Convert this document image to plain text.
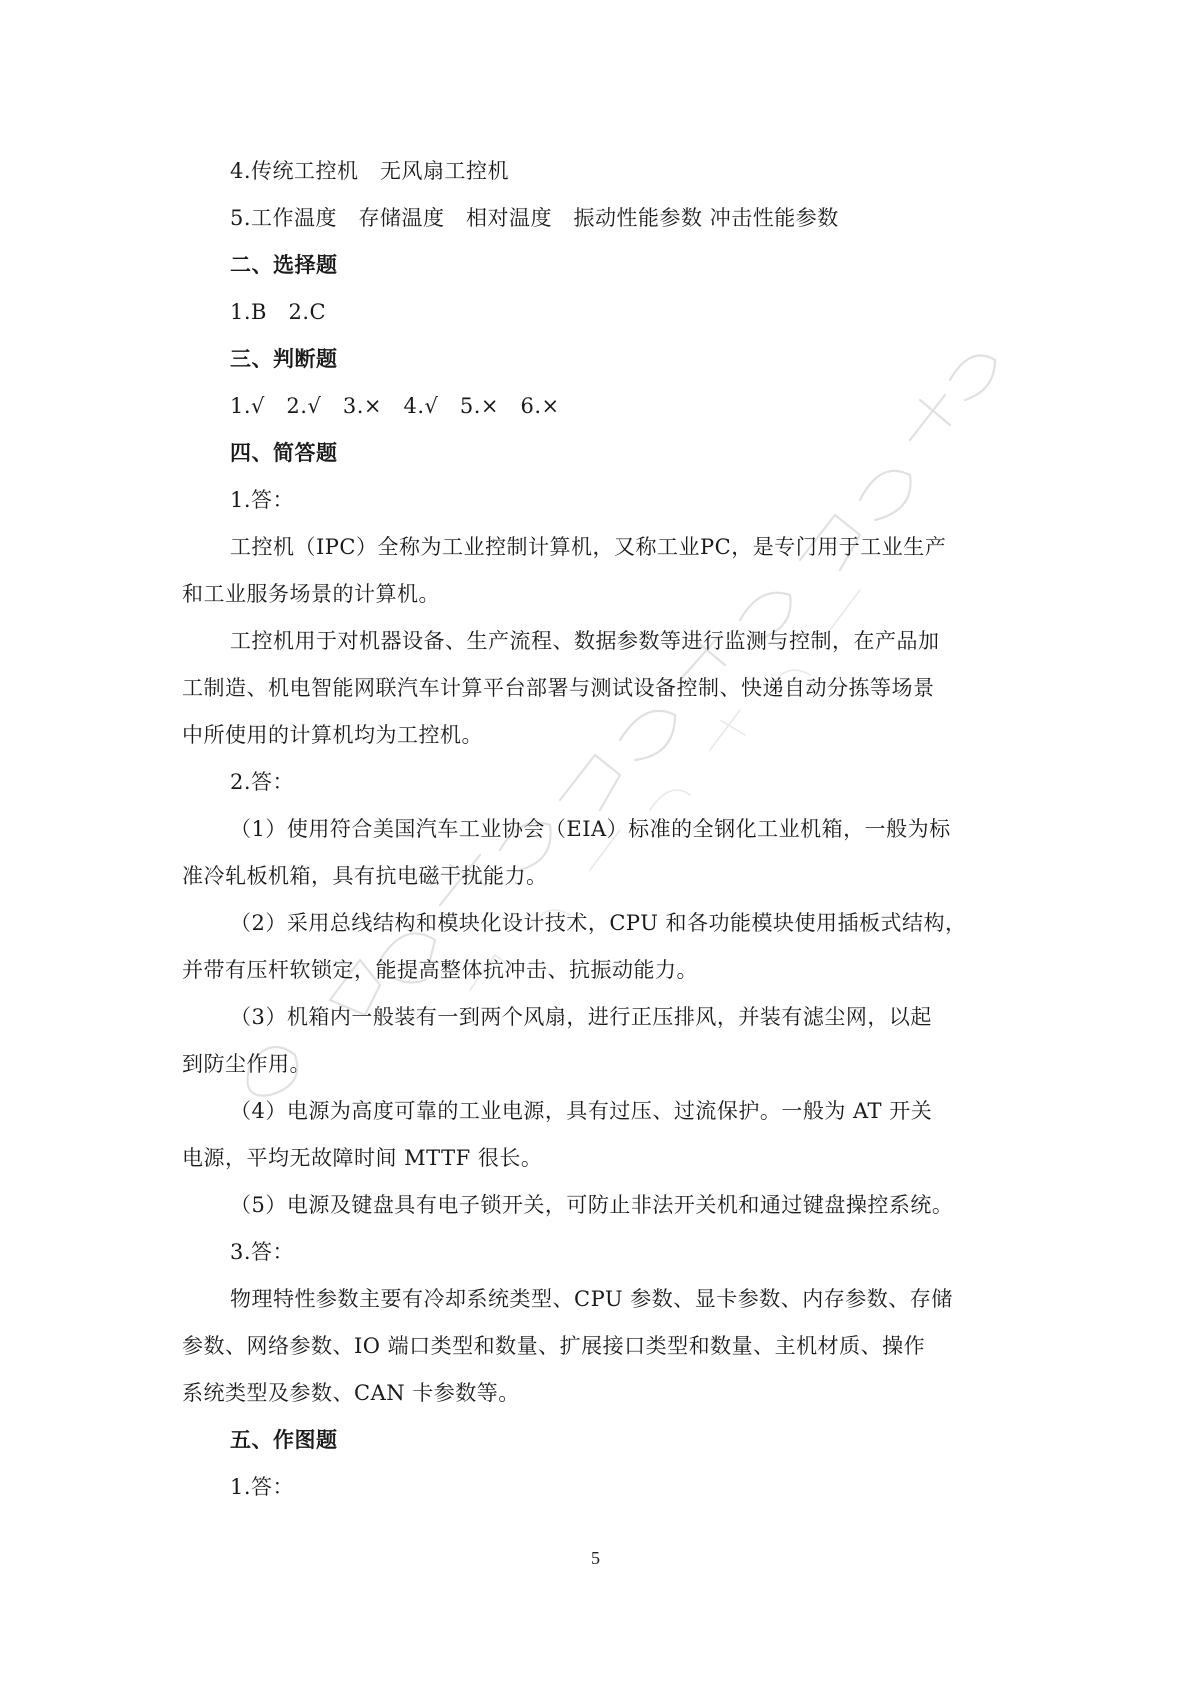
4.传统工控机　无风扇工控机
5.工作温度　存储温度　相对温度　振动性能参数 冲击性能参数
二、选择题
1.B　2.C
三、判断题
1.√　2.√　3.×　4.√　5.×　6.×
四、简答题
1.答：
工控机（IPC）全称为工业控制计算机，又称工业PC，是专门用于工业生产
和工业服务场景的计算机。
工控机用于对机器设备、生产流程、数据参数等进行监测与控制，在产品加
工制造、机电智能网联汽车计算平台部署与测试设备控制、快递自动分拣等场景
中所使用的计算机均为工控机。
2.答：
（1）使用符合美国汽车工业协会（EIA）标准的全钢化工业机箱，一般为标
准冷轧板机箱，具有抗电磁干扰能力。
（2）采用总线结构和模块化设计技术，CPU 和各功能模块使用插板式结构，
并带有压杆软锁定，能提高整体抗冲击、抗振动能力。
（3）机箱内一般装有一到两个风扇，进行正压排风，并装有滤尘网，以起
到防尘作用。
（4）电源为高度可靠的工业电源，具有过压、过流保护。一般为 AT 开关
电源，平均无故障时间 MTTF 很长。
（5）电源及键盘具有电子锁开关，可防止非法开关机和通过键盘操控系统。
3.答：
物理特性参数主要有冷却系统类型、CPU 参数、显卡参数、内存参数、存储
参数、网络参数、IO 端口类型和数量、扩展接口类型和数量、主机材质、操作
系统类型及参数、CAN 卡参数等。
五、作图题
1.答：
5
